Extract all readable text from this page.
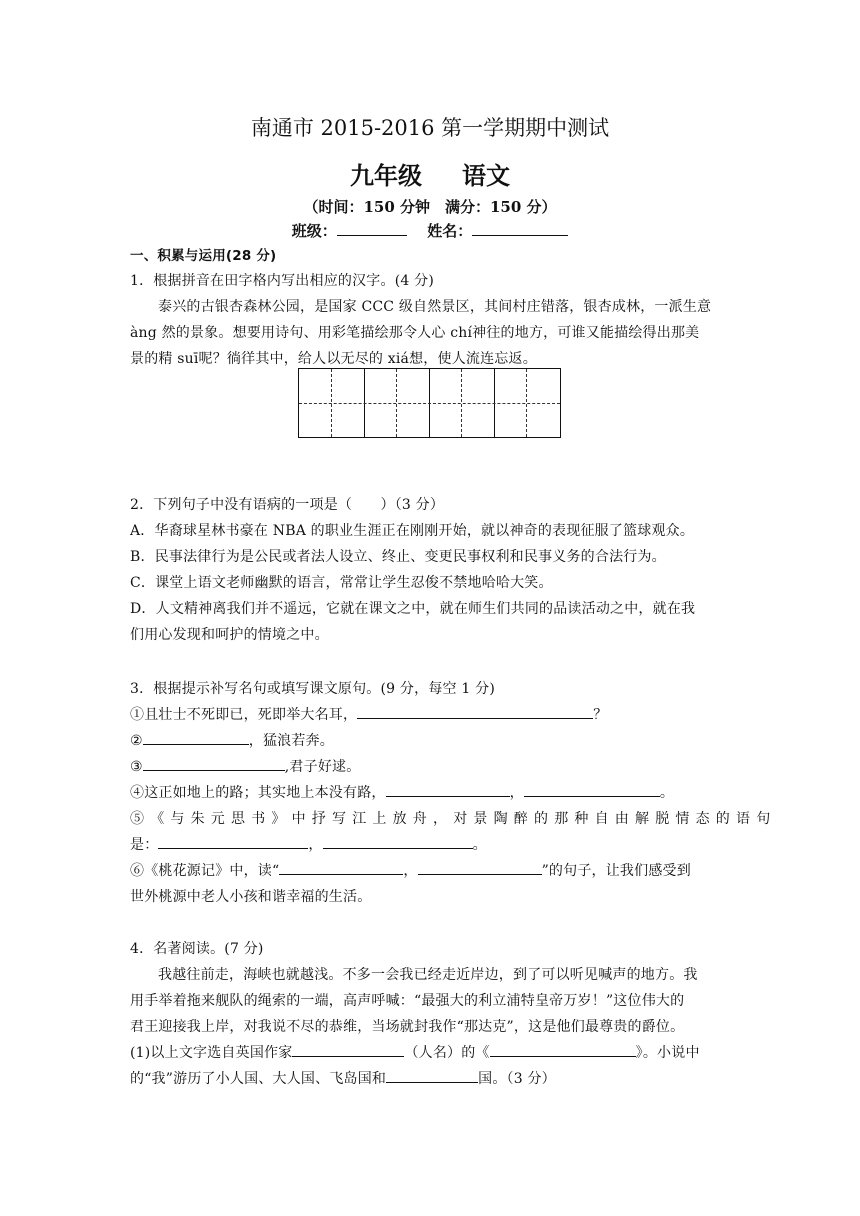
南通市 2015-2016 第一学期期中测试
九年级 语文
（时间：150 分钟　满分：150 分）
班级：	姓名：
一、积累与运用(28 分)
1．根据拼音在田字格内写出相应的汉字。(4 分)
泰兴的古银杏森林公园，是国家 CCC 级自然景区，其间村庄错落，银杏成林，一派生意
àng 然的景象。想要用诗句、用彩笔描绘那令人心 chí神往的地方，可谁又能描绘得出那美
景的精 suī呢？徜徉其中，给人以无尽的 xiá想，使人流连忘返。
2．下列句子中没有语病的一项是（　　）（3 分）
A．华裔球星林书豪在 NBA 的职业生涯正在刚刚开始，就以神奇的表现征服了篮球观众。
B．民事法律行为是公民或者法人设立、终止、变更民事权利和民事义务的合法行为。
C．课堂上语文老师幽默的语言，常常让学生忍俊不禁地哈哈大笑。
D．人文精神离我们并不遥远，它就在课文之中，就在师生们共同的品读活动之中，就在我
们用心发现和呵护的情境之中。
3．根据提示补写名句或填写课文原句。(9 分，每空 1 分)
①且壮士不死即已，死即举大名耳，	？
②	，猛浪若奔。
③	,君子好逑。
④这正如地上的路；其实地上本没有路，	，	。
⑤《与朱元思书》中抒写江上放舟，对景陶醉的那种自由解脱情态的语句
是：	，	。
⑥《桃花源记》中，读“	，	”的句子，让我们感受到
世外桃源中老人小孩和谐幸福的生活。
4．名著阅读。(7 分)
我越往前走，海峡也就越浅。不多一会我已经走近岸边，到了可以听见喊声的地方。我
用手举着拖来舰队的绳索的一端，高声呼喊：“最强大的利立浦特皇帝万岁！”这位伟大的
君王迎接我上岸，对我说不尽的恭维，当场就封我作“那达克”，这是他们最尊贵的爵位。
(1)以上文字选自英国作家	（人名）的《	》。小说中
的“我”游历了小人国、大人国、飞岛国和	国。（3 分）
